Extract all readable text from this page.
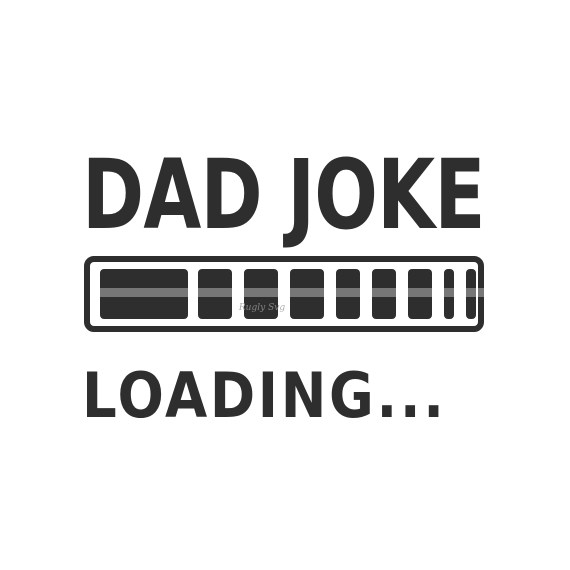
DAD JOKE
Rugly Svg
LOADING...
